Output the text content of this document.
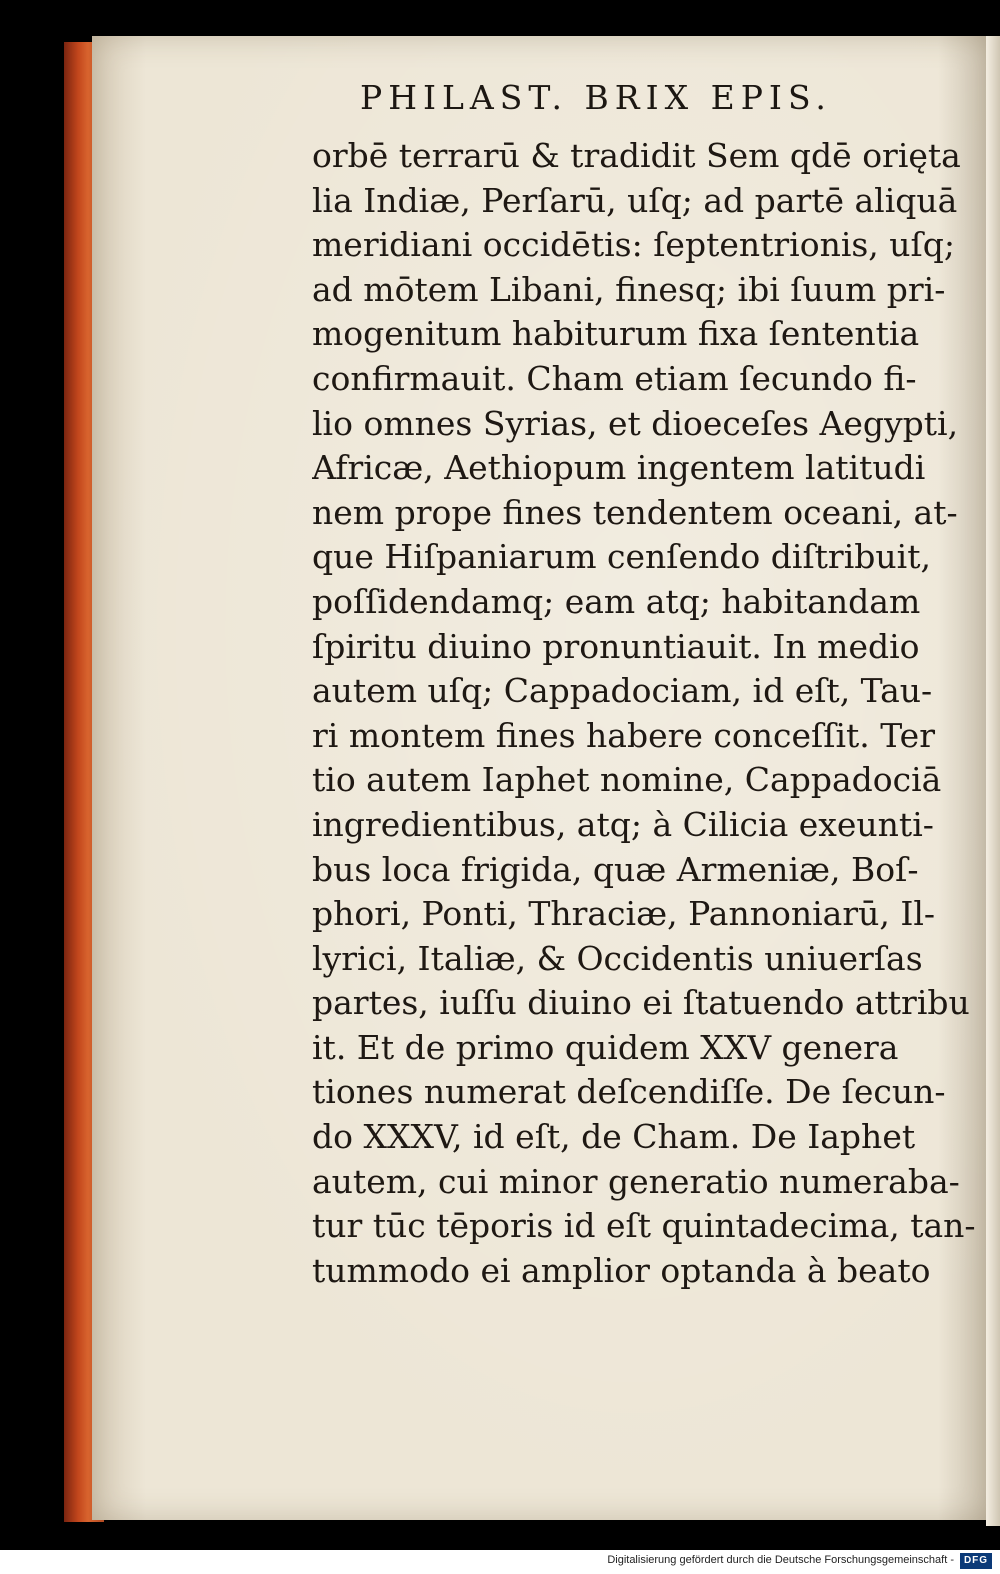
PHILAST. BRIX EPIS.
orbē terrarū & tradidit Sem qdē orięta
lia Indiæ, Perſarū, uſq; ad partē aliquā
meridiani occidētis: ſeptentrionis, uſq;
ad mōtem Libani, finesq; ibi ſuum pri-
mogenitum habiturum fixa ſententia
confirmauit. Cham etiam ſecundo fi-
lio omnes Syrias, et dioeceſes Aegypti,
Africæ, Aethiopum ingentem latitudi
nem prope fines tendentem oceani, at-
que Hiſpaniarum cenſendo diſtribuit,
poſſidendamq; eam atq; habitandam
ſpiritu diuino pronuntiauit. In medio
autem uſq; Cappadociam, id eſt, Tau-
ri montem fines habere conceſſit. Ter
tio autem Iaphet nomine, Cappadociā
ingredientibus, atq; à Cilicia exeunti-
bus loca frigida, quæ Armeniæ, Boſ-
phori, Ponti, Thraciæ, Pannoniarū, Il-
lyrici, Italiæ, & Occidentis uniuerſas
partes, iuſſu diuino ei ſtatuendo attribu
it. Et de primo quidem XXV genera
tiones numerat deſcendiſſe. De ſecun-
do XXXV, id eſt, de Cham. De Iaphet
autem, cui minor generatio numeraba-
tur tūc tēporis id eſt quintadecima, tan-
tummodo ei amplior optanda à beato
Digitalisierung gefördert durch die Deutsche Forschungsgemeinschaft - DFG
